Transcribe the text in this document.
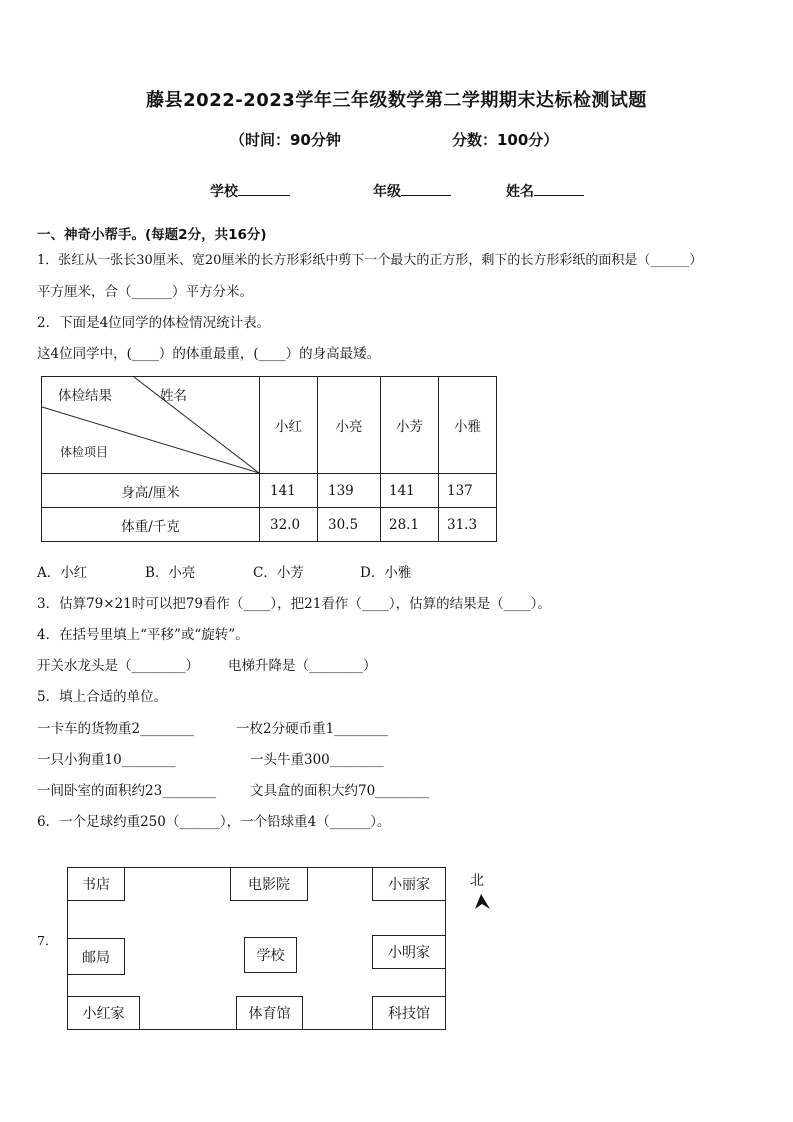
藤县2022-2023学年三年级数学第二学期期末达标检测试题
（时间：90分钟	分数：100分）
学校	年级	姓名
一、神奇小帮手。(每题2分，共16分)
1．张红从一张长30厘米、宽20厘米的长方形彩纸中剪下一个最大的正方形，剩下的长方形彩纸的面积是（______）
平方厘米，合（______）平方分米。
2．下面是4位同学的体检情况统计表。
这4位同学中，(____）的体重最重，(____）的身高最矮。
体检结果 姓名
体检项目	小红	小亮	小芳	小雅
身高/厘米	141	139	141	137
体重/千克	32.0	30.5	28.1	31.3
A．小红	B．小亮	C．小芳	D．小雅
3．估算79×21时可以把79看作（____），把21看作（____），估算的结果是（____）。
4．在括号里填上“平移”或“旋转”。
开关水龙头是（________） 电梯升降是（________）
5．填上合适的单位。
一卡车的货物重2________	一枚2分硬币重1________
一只小狗重10________	一头牛重300________
一间卧室的面积约23________	文具盒的面积大约70________
6．一个足球约重250（______），一个铅球重4（______）。
7．
书店	电影院	小丽家
邮局	学校	小明家
小红家	体育馆	科技馆
北
